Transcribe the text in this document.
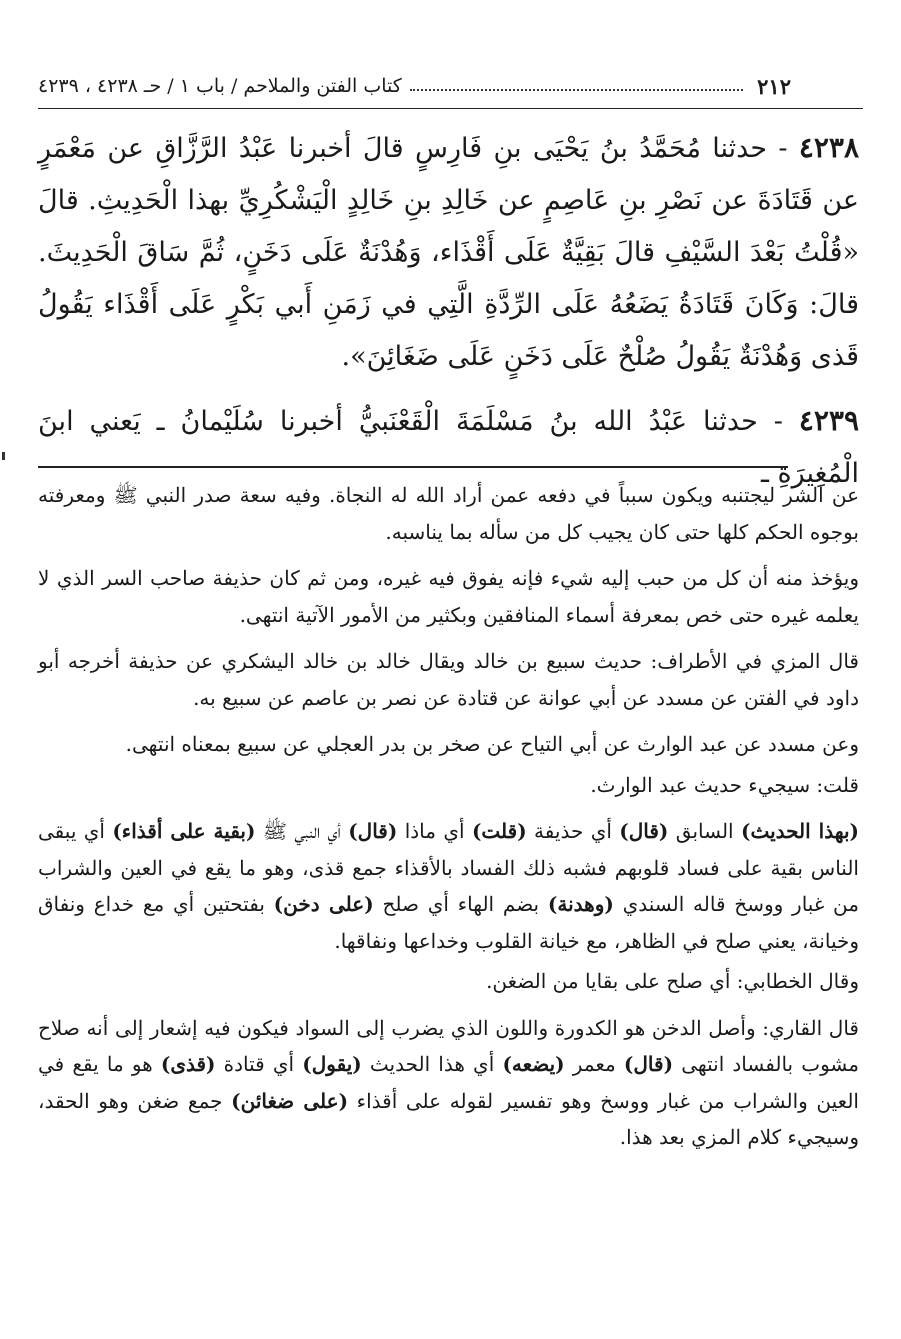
٢١٢
كتاب الفتن والملاحم / باب ١ / حـ ٤٢٣٨ ، ٤٢٣٩

٤٢٣٨ - حدثنا مُحَمَّدُ بنُ يَحْيَى بنِ فَارِسٍ قالَ أخبرنا عَبْدُ الرَّزَّاقِ عن مَعْمَرٍ عن قَتَادَةَ عن نَصْرِ بنِ عَاصِمٍ عن خَالِدِ بنِ خَالِدٍ الْيَشْكُرِيِّ بهذا الْحَدِيثِ. قالَ «قُلْتُ بَعْدَ السَّيْفِ قالَ بَقِيَّةٌ عَلَى أَقْذَاء، وَهُدْنَةٌ عَلَى دَخَنٍ، ثُمَّ سَاقَ الْحَدِيثَ. قالَ: وَكَانَ قَتَادَةُ يَضَعُهُ عَلَى الرِّدَّةِ الَّتِي في زَمَنِ أَبي بَكْرٍ عَلَى أَقْذَاء يَقُولُ قَذى وَهُدْنَةٌ يَقُولُ صُلْحٌ عَلَى دَخَنٍ عَلَى ضَغَائِنَ».

٤٢٣٩ - حدثنا عَبْدُ الله بنُ مَسْلَمَةَ الْقَعْنَبيُّ أخبرنا سُلَيْمانُ ـ يَعني ابنَ الْمُغِيرَةِ ـ

عن الشر ليجتنبه ويكون سبباً في دفعه عمن أراد الله له النجاة. وفيه سعة صدر النبي ﷺ ومعرفته بوجوه الحكم كلها حتى كان يجيب كل من سأله بما يناسبه.

ويؤخذ منه أن كل من حبب إليه شيء فإنه يفوق فيه غيره، ومن ثم كان حذيفة صاحب السر الذي لا يعلمه غيره حتى خص بمعرفة أسماء المنافقين وبكثير من الأمور الآتية انتهى.

قال المزي في الأطراف: حديث سبيع بن خالد ويقال خالد بن خالد اليشكري عن حذيفة أخرجه أبو داود في الفتن عن مسدد عن أبي عوانة عن قتادة عن نصر بن عاصم عن سبيع به.

وعن مسدد عن عبد الوارث عن أبي التياح عن صخر بن بدر العجلي عن سبيع بمعناه انتهى.

قلت: سيجيء حديث عبد الوارث.

(بهذا الحديث) السابق (قال) أي حذيفة (قلت) أي ماذا (قال) أي النبي ﷺ (بقية على أقذاء) أي يبقى الناس بقية على فساد قلوبهم فشبه ذلك الفساد بالأقذاء جمع قذى، وهو ما يقع في العين والشراب من غبار ووسخ قاله السندي (وهدنة) بضم الهاء أي صلح (على دخن) بفتحتين أي مع خداع ونفاق وخيانة، يعني صلح في الظاهر، مع خيانة القلوب وخداعها ونفاقها.

وقال الخطابي: أي صلح على بقايا من الضغن.

قال القاري: وأصل الدخن هو الكدورة واللون الذي يضرب إلى السواد فيكون فيه إشعار إلى أنه صلاح مشوب بالفساد انتهى (قال) معمر (يضعه) أي هذا الحديث (يقول) أي قتادة (قذى) هو ما يقع في العين والشراب من غبار ووسخ وهو تفسير لقوله على أقذاء (على ضغائن) جمع ضغن وهو الحقد، وسيجيء كلام المزي بعد هذا.
